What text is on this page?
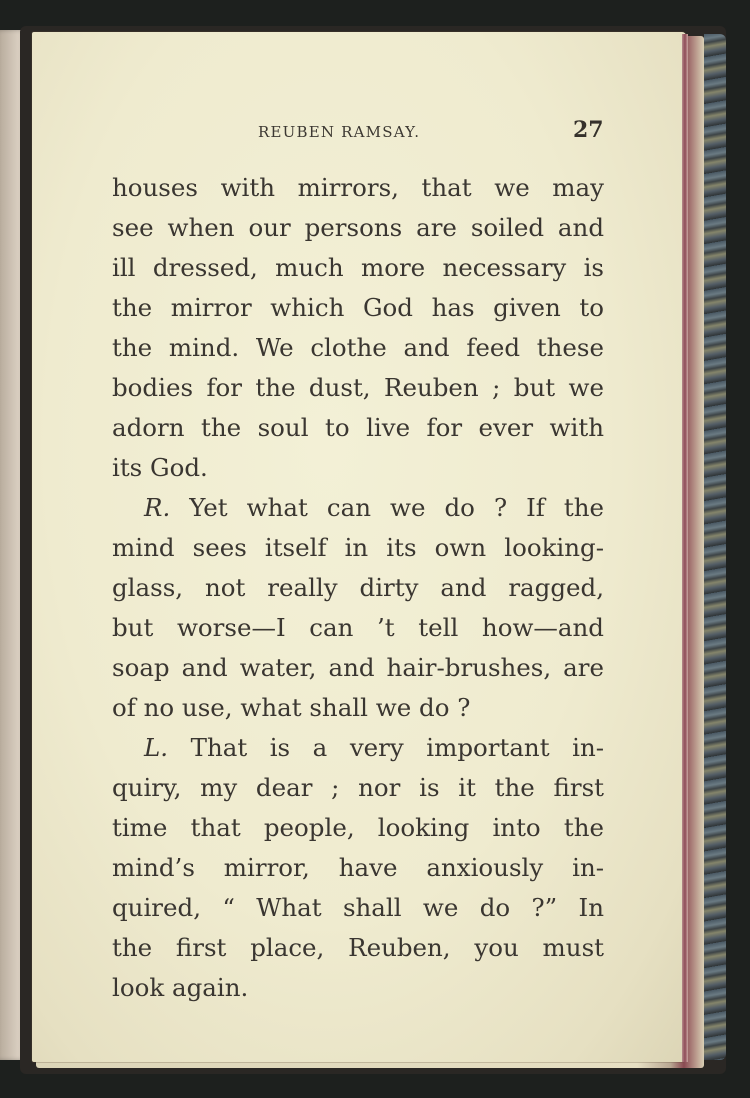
REUBEN RAMSAY.	27
houses with mirrors, that we may
see when our persons are soiled and
ill dressed, much more necessary is
the mirror which God has given to
the mind. We clothe and feed these
bodies for the dust, Reuben ; but we
adorn the soul to live for ever with
its God.
R. Yet what can we do ? If the
mind sees itself in its own looking-
glass, not really dirty and ragged,
but worse—I can ’t tell how—and
soap and water, and hair-brushes, are
of no use, what shall we do ?
L. That is a very important in-
quiry, my dear ; nor is it the first
time that people, looking into the
mind’s mirror, have anxiously in-
quired, “ What shall we do ?” In
the first place, Reuben, you must
look again.
